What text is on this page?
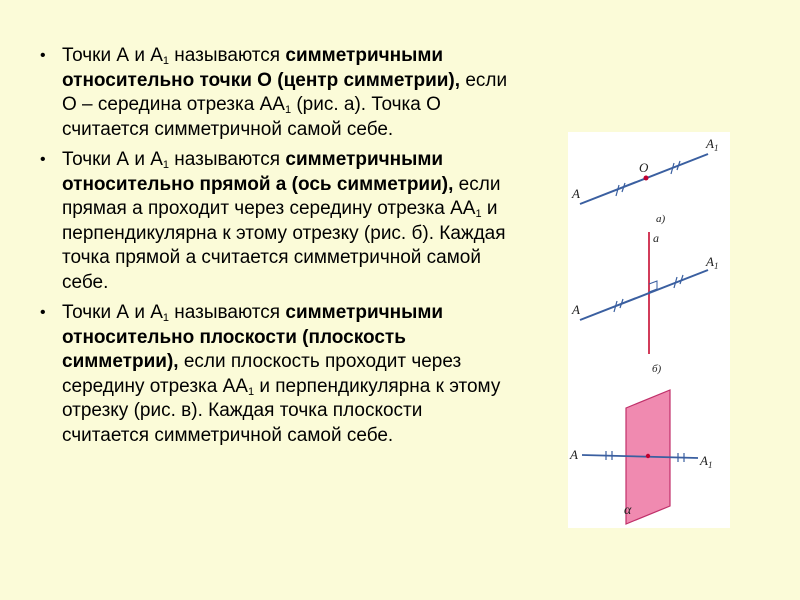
• Точки А и $А_1$ называются симметричными относительно точки О (центр симметрии), если О – середина отрезка $АА_1$ (рис. а). Точка О считается симметричной самой себе.
• Точки А и $А_1$ называются симметричными относительно прямой а (ось симметрии), если прямая а проходит через середину отрезка $АА_1$ и перпендикулярна к этому отрезку (рис. б). Каждая точка прямой а считается симметричной самой себе.
• Точки А и $А_1$ называются симметричными относительно плоскости (плоскость симметрии), если плоскость проходит через середину отрезка $АА_1$ и перпендикулярна к этому отрезку (рис. в). Каждая точка плоскости считается симметричной самой себе.
A
O
$A_1$
а)
a
A
$A_1$
б)
A	$A_1$
α
